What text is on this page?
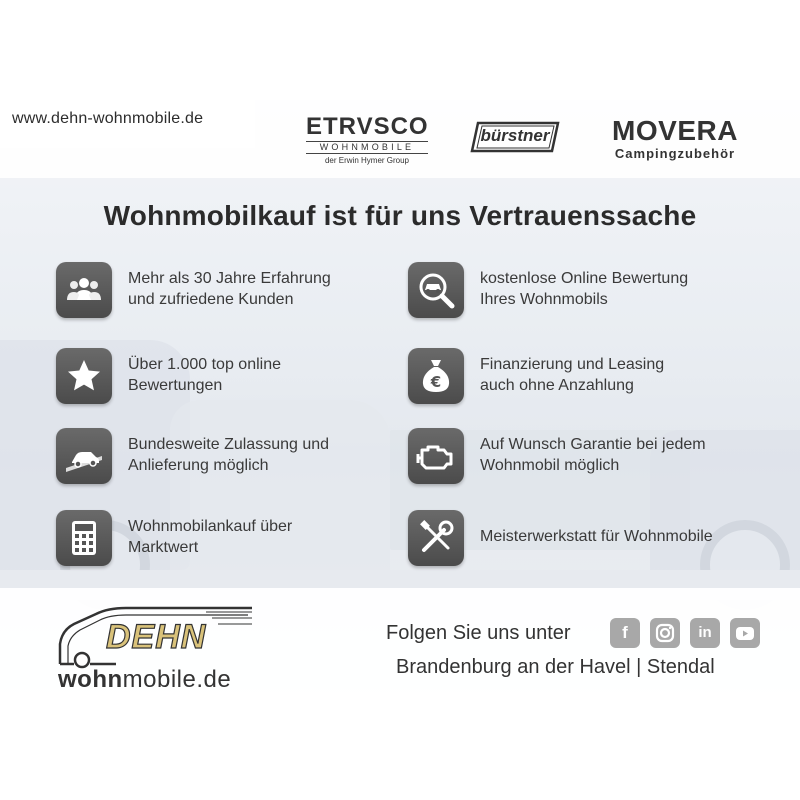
www.dehn-wohnmobile.de	ETRVSCO
WOHNMOBILE
der Erwin Hymer Group
bürstner	MOVERA
Campingzubehör
Wohnmobilkauf ist für uns Vertrauenssache
Mehr als 30 Jahre Erfahrung
und zufriedene Kunden
kostenlose Online Bewertung
Ihres Wohnmobils
Über 1.000 top online
Bewertungen	€
Finanzierung und Leasing
auch ohne Anzahlung
Bundesweite Zulassung und
Anlieferung möglich
Auf Wunsch Garantie bei jedem
Wohnmobil möglich
Wohnmobilankauf über
Marktwert
Meisterwerkstatt für Wohnmobile
DEHN
wohnmobile.de
Folgen Sie uns unter	f	in
Brandenburg an der Havel | Stendal
